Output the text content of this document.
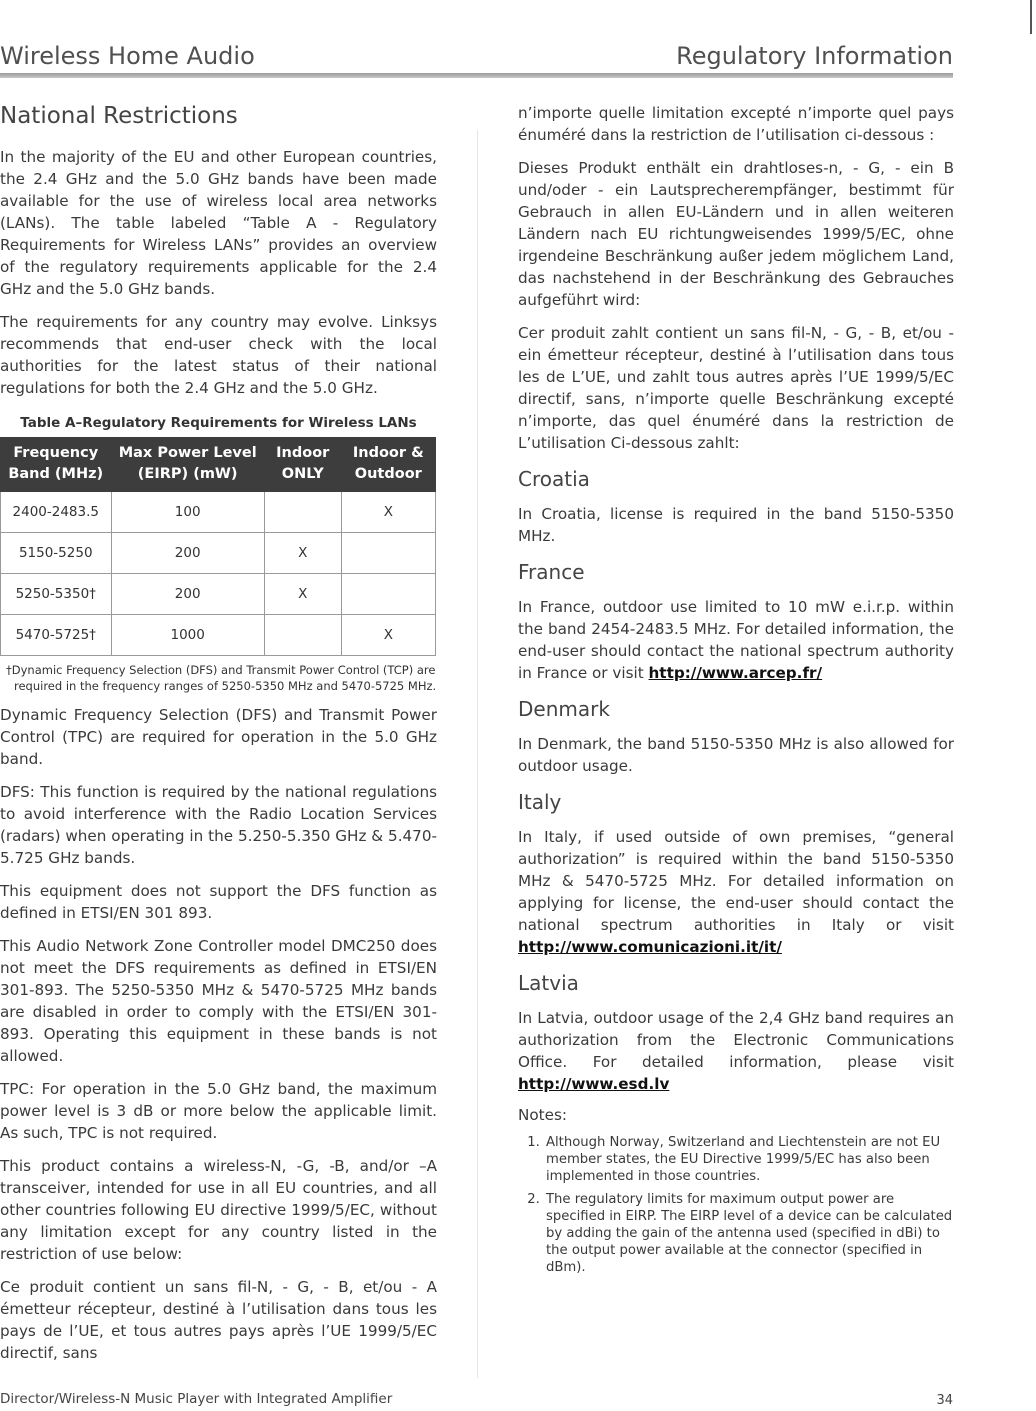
Wireless Home Audio	Regulatory Information
National Restrictions

In the majority of the EU and other European countries, the 2.4 GHz and the 5.0 GHz bands have been made available for the use of wireless local area networks (LANs). The table labeled “Table A - Regulatory Requirements for Wireless LANs” provides an overview of the regulatory requirements applicable for the 2.4 GHz and the 5.0 GHz bands.

The requirements for any country may evolve. Linksys recommends that end-user check with the local authorities for the latest status of their national regulations for both the 2.4 GHz and the 5.0 GHz.

Table A–Regulatory Requirements for Wireless LANs
Frequency Band (MHz)	Max Power Level (EIRP) (mW)	Indoor ONLY	Indoor & Outdoor
2400-2483.5	100		X
5150-5250	200	X	
5250-5350†	200	X	
5470-5725†	1000		X
†Dynamic Frequency Selection (DFS) and Transmit Power Control (TCP) are required in the frequency ranges of 5250-5350 MHz and 5470-5725 MHz.

Dynamic Frequency Selection (DFS) and Transmit Power Control (TPC) are required for operation in the 5.0 GHz band.

DFS: This function is required by the national regulations to avoid interference with the Radio Location Services (radars) when operating in the 5.250-5.350 GHz & 5.470-5.725 GHz bands.

This equipment does not support the DFS function as defined in ETSI/EN 301 893.

This Audio Network Zone Controller model DMC250 does not meet the DFS requirements as defined in ETSI/EN 301-893. The 5250-5350 MHz & 5470-5725 MHz bands are disabled in order to comply with the ETSI/EN 301-893. Operating this equipment in these bands is not allowed.

TPC: For operation in the 5.0 GHz band, the maximum power level is 3 dB or more below the applicable limit. As such, TPC is not required.

This product contains a wireless-N, -G, -B, and/or –A transceiver, intended for use in all EU countries, and all other countries following EU directive 1999/5/EC, without any limitation except for any country listed in the restriction of use below:

Ce produit contient un sans fil-N, - G, - B, et/ou - A émetteur récepteur, destiné à l’utilisation dans tous les pays de l’UE, et tous autres pays après l’UE 1999/5/EC directif, sans

n’importe quelle limitation excepté n’importe quel pays énuméré dans la restriction de l’utilisation ci-dessous :

Dieses Produkt enthält ein drahtloses-n, - G, - ein B und/oder - ein Lautsprecherempfänger, bestimmt für Gebrauch in allen EU-Ländern und in allen weiteren Ländern nach EU richtungweisendes 1999/5/EC, ohne irgendeine Beschränkung außer jedem möglichem Land, das nachstehend in der Beschränkung des Gebrauches aufgeführt wird:

Cer produit zahlt contient un sans fil-N, - G, - B, et/ou - ein émetteur récepteur, destiné à l’utilisation dans tous les de L’UE, und zahlt tous autres après l’UE 1999/5/EC directif, sans, n’importe quelle Beschränkung excepté n’importe, das quel énuméré dans la restriction de L’utilisation Ci-dessous zahlt:

Croatia

In Croatia, license is required in the band 5150-5350 MHz.

France

In France, outdoor use limited to 10 mW e.i.r.p. within the band 2454-2483.5 MHz. For detailed information, the end-user should contact the national spectrum authority in France or visit http://www.arcep.fr/

Denmark

In Denmark, the band 5150-5350 MHz is also allowed for outdoor usage.

Italy

In Italy, if used outside of own premises, “general authorization” is required within the band 5150-5350 MHz & 5470-5725 MHz. For detailed information on applying for license, the end-user should contact the national spectrum authorities in Italy or visit http://www.comunicazioni.it/it/

Latvia

In Latvia, outdoor usage of the 2,4 GHz band requires an authorization from the Electronic Communications Office. For detailed information, please visit http://www.esd.lv

Notes:
1. Although Norway, Switzerland and Liechtenstein are not EU member states, the EU Directive 1999/5/EC has also been implemented in those countries.
2. The regulatory limits for maximum output power are specified in EIRP. The EIRP level of a device can be calculated by adding the gain of the antenna used (specified in dBi) to the output power available at the connector (specified in dBm).
Director/Wireless-N Music Player with Integrated Amplifier	34
